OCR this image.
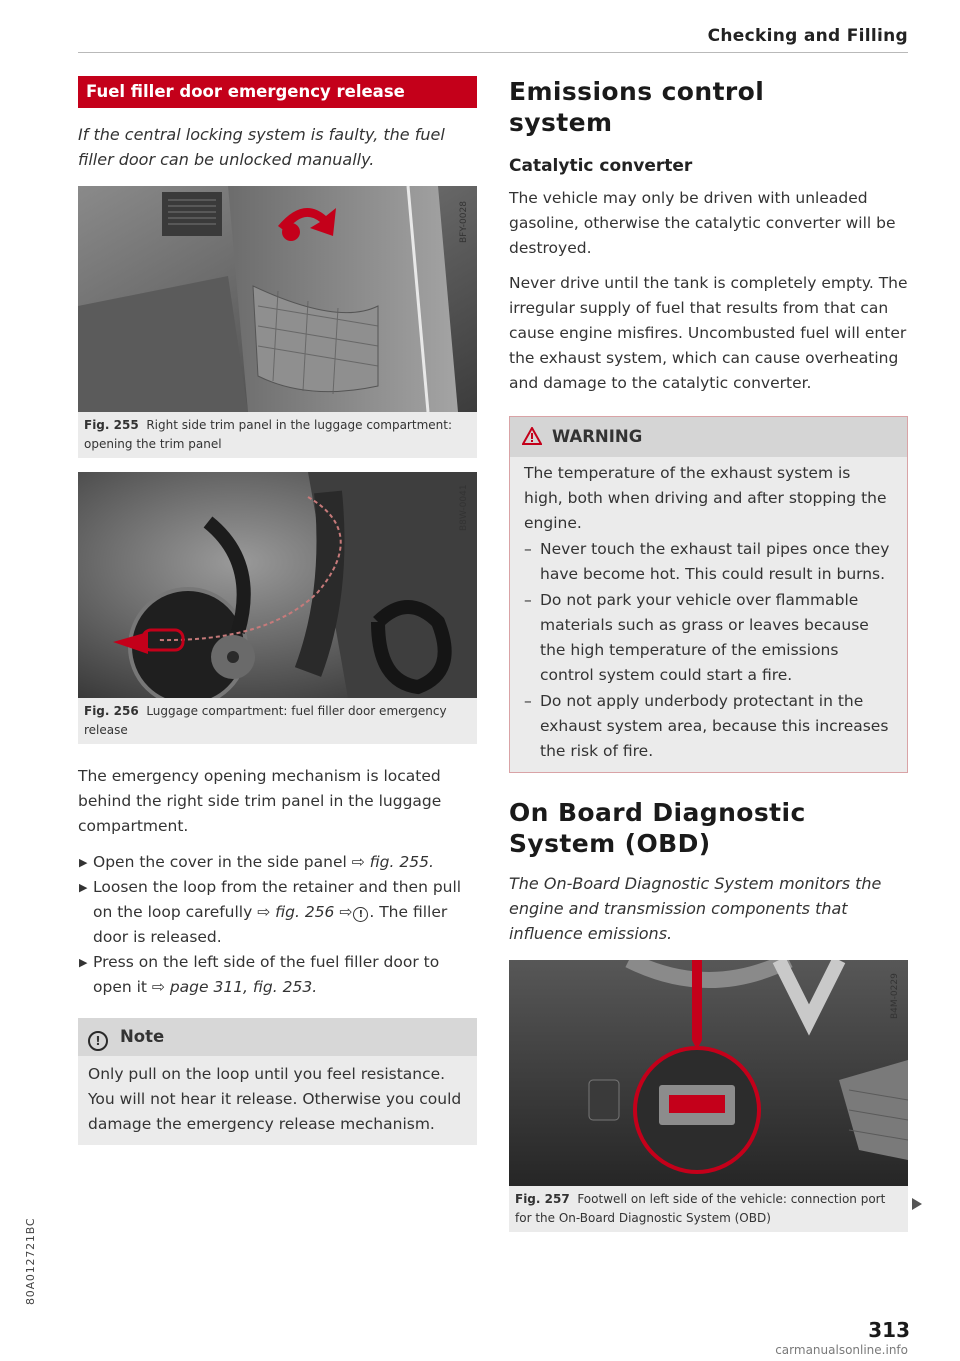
Checking and Filling
Fuel filler door emergency release
If the central locking system is faulty, the fuel filler door can be unlocked manually.
BFY-0028
Fig. 255 Right side trim panel in the luggage compartment: opening the trim panel
B8W-0041
Fig. 256 Luggage compartment: fuel filler door emergency release
The emergency opening mechanism is located behind the right side trim panel in the luggage compartment.
▶ Open the cover in the side panel ⇨ fig. 255.
▶ Loosen the loop from the retainer and then pull on the loop carefully ⇨ fig. 256 ⇨ ! . The filler door is released.
▶ Press on the left side of the fuel filler door to open it ⇨ page 311, fig. 253.
! Note
Only pull on the loop until you feel resistance. You will not hear it release. Otherwise you could damage the emergency release mechanism.
Emissions control system
Catalytic converter
The vehicle may only be driven with unleaded gasoline, otherwise the catalytic converter will be destroyed.
Never drive until the tank is completely empty. The irregular supply of fuel that results from that can cause engine misfires. Uncombusted fuel will enter the exhaust system, which can cause overheating and damage to the catalytic converter.
WARNING
The temperature of the exhaust system is high, both when driving and after stopping the engine.
– Never touch the exhaust tail pipes once they have become hot. This could result in burns.
– Do not park your vehicle over flammable materials such as grass or leaves because the high temperature of the emissions control system could start a fire.
– Do not apply underbody protectant in the exhaust system area, because this increases the risk of fire.
On Board Diagnostic System (OBD)
The On-Board Diagnostic System monitors the engine and transmission components that influence emissions.
B4M-0229
Fig. 257 Footwell on left side of the vehicle: connection port for the On-Board Diagnostic System (OBD)
80A012721BC
313
carmanualsonline.info
